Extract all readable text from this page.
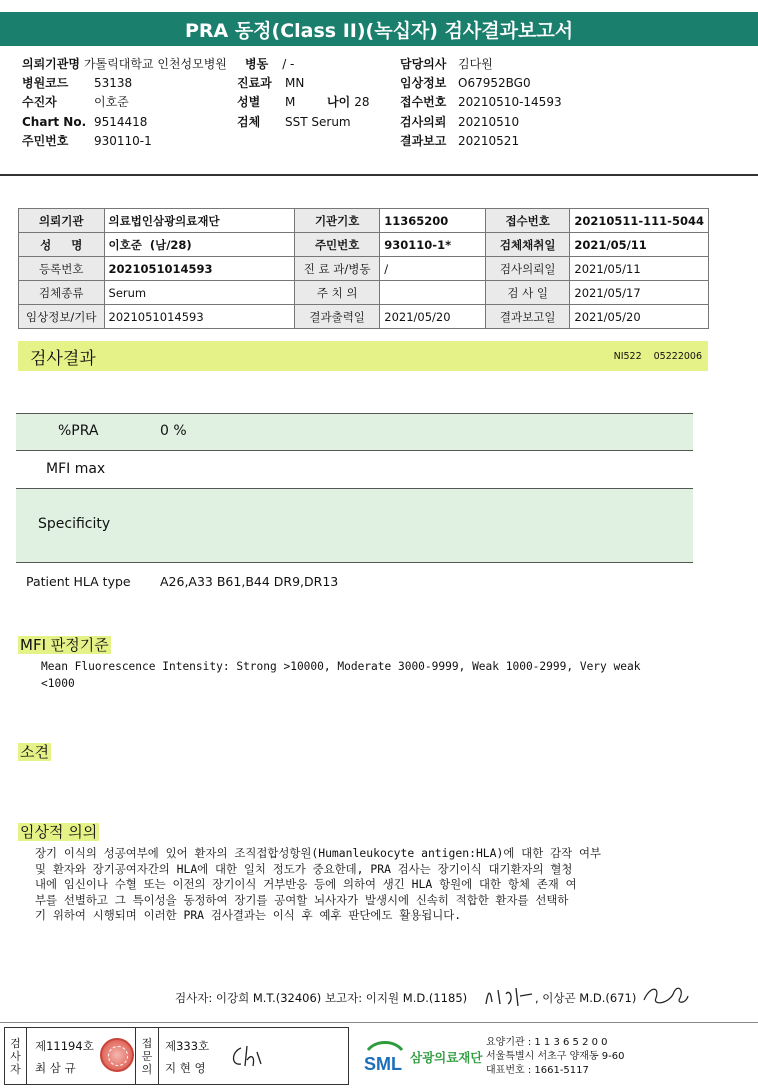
PRA 동정(Class II)(녹십자) 검사결과보고서
의뢰기관명 가톨릭대학교 인천성모병원
병원코드 53138
수진자	이호준
Chart No. 9514418
주민번호 930110-1
병동 / -
진료과 MN
성별 M	나이 28
검체 SST Serum
담당의사 김다원
임상정보 O67952BG0
접수번호 20210510-14593
검사의뢰 20210510
결과보고 20210521
의뢰기관	의료법인삼광의료재단	기관기호	11365200	접수번호	20210511-111-5044
성     명	이호준  (남/28)	주민번호	930110-1*	검체채취일	2021/05/11
등록번호	2021051014593	진 료 과/병동	/	검사의뢰일	2021/05/11
검체종류	Serum	주 치 의		검 사 일	2021/05/17
임상정보/기타	2021051014593	결과출력일	2021/05/20	결과보고일	2021/05/20
검사결과	NI522 05222006
%PRA	0 %
MFI max
Specificity
Patient HLA type A26,A33 B61,B44 DR9,DR13
MFI 판정기준
Mean Fluorescence Intensity: Strong >10000, Moderate 3000-9999, Weak 1000-2999, Very weak
<1000
소견
임상적 의의
장기 이식의 성공여부에 있어 환자의 조직접합성항원(Humanleukocyte antigen:HLA)에 대한 감작 여부
및 환자와 장기공여자간의 HLA에 대한 일치 정도가 중요한데, PRA 검사는 장기이식 대기환자의 혈청
내에 임신이나 수혈 또는 이전의 장기이식 거부반응 등에 의하여 생긴 HLA 항원에 대한 항체 존재 여
부를 선별하고 그 특이성을 동정하여 장기를 공여할 뇌사자가 발생시에 신속히 적합한 환자를 선택하
기 위하여 시행되며 이러한 PRA 검사결과는 이식 후 예후 판단에도 활용됩니다.
검사자: 이강희 M.T.(32406) 보고자: 이지원 M.D.(1185)	, 이상곤 M.D.(671)
검
사
자
제11194호
최 삼 규
접
문
의
제333호
지 현 영	SML 삼광의료재단
요양기관 : 1 1 3 6 5 2 0 0
서울특별시 서초구 양재동 9-60
대표번호 : 1661-5117
